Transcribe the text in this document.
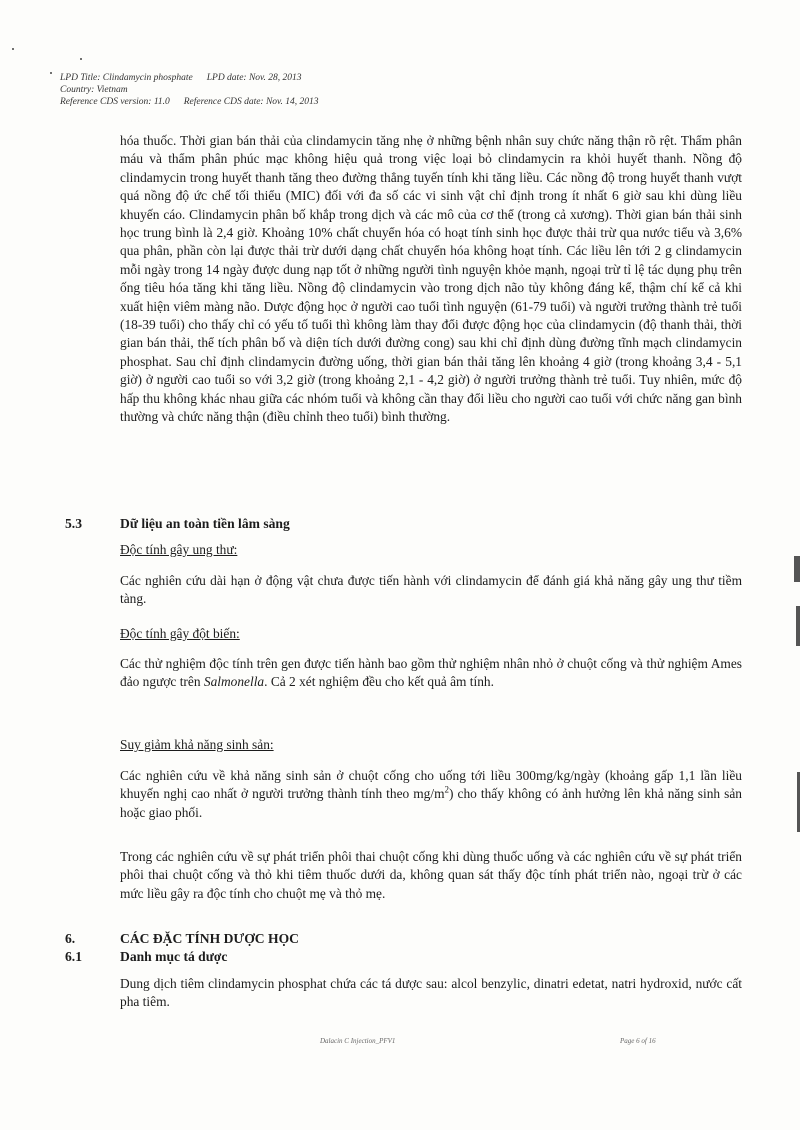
LPD Title: Clindamycin phosphate LPD date: Nov. 28, 2013
Country: Vietnam
Reference CDS version: 11.0 Reference CDS date: Nov. 14, 2013

hóa thuốc. Thời gian bán thải của clindamycin tăng nhẹ ở những bệnh nhân suy chức năng thận rõ rệt. Thẩm phân máu và thẩm phân phúc mạc không hiệu quả trong việc loại bỏ clindamycin ra khỏi huyết thanh. Nồng độ clindamycin trong huyết thanh tăng theo đường thẳng tuyến tính khi tăng liều. Các nồng độ trong huyết thanh vượt quá nồng độ ức chế tối thiểu (MIC) đối với đa số các vi sinh vật chỉ định trong ít nhất 6 giờ sau khi dùng liều khuyến cáo. Clindamycin phân bố khắp trong dịch và các mô của cơ thể (trong cả xương). Thời gian bán thải sinh học trung bình là 2,4 giờ. Khoảng 10% chất chuyển hóa có hoạt tính sinh học được thải trừ qua nước tiểu và 3,6% qua phân, phần còn lại được thải trừ dưới dạng chất chuyển hóa không hoạt tính. Các liều lên tới 2 g clindamycin mỗi ngày trong 14 ngày được dung nạp tốt ở những người tình nguyện khỏe mạnh, ngoại trừ tỉ lệ tác dụng phụ trên ống tiêu hóa tăng khi tăng liều. Nồng độ clindamycin vào trong dịch não tủy không đáng kể, thậm chí kể cả khi xuất hiện viêm màng não. Dược động học ở người cao tuổi tình nguyện (61-79 tuổi) và người trưởng thành trẻ tuổi (18-39 tuổi) cho thấy chỉ có yếu tố tuổi thì không làm thay đổi được động học của clindamycin (độ thanh thải, thời gian bán thải, thể tích phân bố và diện tích dưới đường cong) sau khi chỉ định dùng đường tĩnh mạch clindamycin phosphat. Sau chỉ định clindamycin đường uống, thời gian bán thải tăng lên khoảng 4 giờ (trong khoảng 3,4 - 5,1 giờ) ở người cao tuổi so với 3,2 giờ (trong khoảng 2,1 - 4,2 giờ) ở người trưởng thành trẻ tuổi. Tuy nhiên, mức độ hấp thu không khác nhau giữa các nhóm tuổi và không cần thay đổi liều cho người cao tuổi với chức năng gan bình thường và chức năng thận (điều chỉnh theo tuổi) bình thường.

5.3	Dữ liệu an toàn tiền lâm sàng
Độc tính gây ung thư:

Các nghiên cứu dài hạn ở động vật chưa được tiến hành với clindamycin để đánh giá khả năng gây ung thư tiềm tàng.

Độc tính gây đột biến:

Các thử nghiệm độc tính trên gen được tiến hành bao gồm thử nghiệm nhân nhỏ ở chuột cống và thử nghiệm Ames đảo ngược trên Salmonella. Cả 2 xét nghiệm đều cho kết quả âm tính.

Suy giảm khả năng sinh sản:

Các nghiên cứu về khả năng sinh sản ở chuột cống cho uống tới liều 300mg/kg/ngày (khoảng gấp 1,1 lần liều khuyến nghị cao nhất ở người trưởng thành tính theo $mg/m^2$) cho thấy không có ảnh hưởng lên khả năng sinh sản hoặc giao phối.

Trong các nghiên cứu về sự phát triển phôi thai chuột cống khi dùng thuốc uống và các nghiên cứu về sự phát triển phôi thai chuột cống và thỏ khi tiêm thuốc dưới da, không quan sát thấy độc tính phát triển nào, ngoại trừ ở các mức liều gây ra độc tính cho chuột mẹ và thỏ mẹ.

6.	CÁC ĐẶC TÍNH DƯỢC HỌC
6.1	Danh mục tá dược

Dung dịch tiêm clindamycin phosphat chứa các tá dược sau: alcol benzylic, dinatri edetat, natri hydroxid, nước cất pha tiêm.

Dalacin C Injection_PFV1	Page 6 of 16
